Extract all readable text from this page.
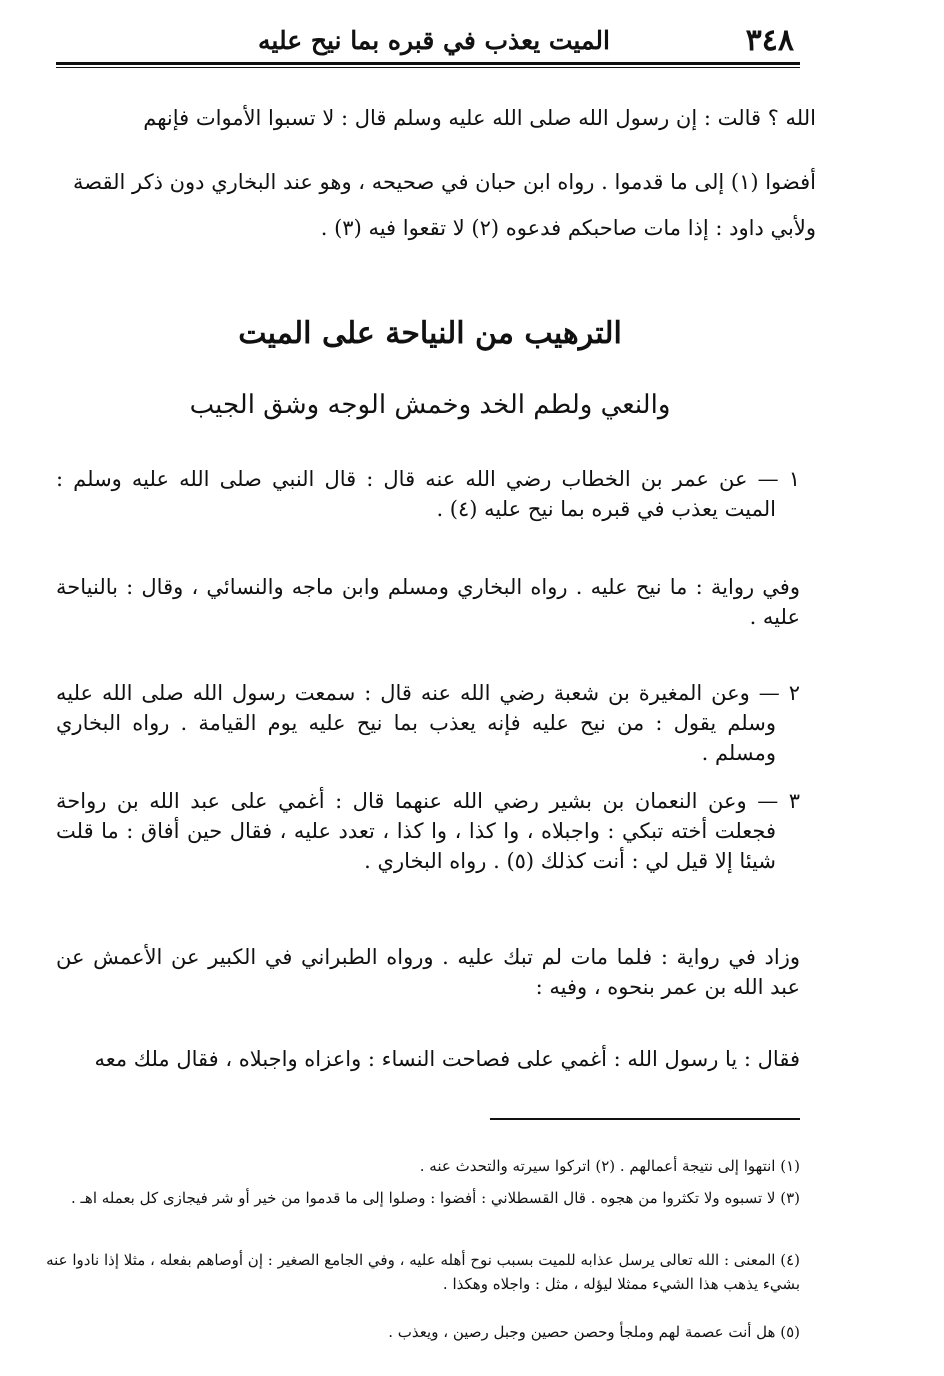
٣٤٨
الميت يعذب في قبره بما نيح عليه
الله ؟ قالت : إن رسول الله صلى الله عليه وسلم قال : لا تسبوا الأموات فإنهم
أفضوا (١) إلى ما قدموا . رواه ابن حبان في صحيحه ، وهو عند البخاري دون ذكر القصة
ولأبي داود : إذا مات صاحبكم فدعوه (٢) لا تقعوا فيه (٣) .
الترهيب من النياحة على الميت
والنعي ولطم الخد وخمش الوجه وشق الجيب
١ — عن عمر بن الخطاب رضي الله عنه قال : قال النبي صلى الله عليه وسلم : الميت يعذب في قبره بما نيح عليه (٤) .
وفي رواية : ما نيح عليه . رواه البخاري ومسلم وابن ماجه والنسائي ، وقال : بالنياحة عليه .
٢ — وعن المغيرة بن شعبة رضي الله عنه قال : سمعت رسول الله صلى الله عليه وسلم يقول : من نيح عليه فإنه يعذب بما نيح عليه يوم القيامة . رواه البخاري ومسلم .
٣ — وعن النعمان بن بشير رضي الله عنهما قال : أغمي على عبد الله بن رواحة فجعلت أخته تبكي : واجبلاه ، وا كذا ، وا كذا ، تعدد عليه ، فقال حين أفاق : ما قلت شيئا إلا قيل لي : أنت كذلك (٥) . رواه البخاري .
وزاد في رواية : فلما مات لم تبك عليه . ورواه الطبراني في الكبير عن الأعمش عن عبد الله بن عمر بنحوه ، وفيه :
فقال : يا رسول الله : أغمي على فصاحت النساء : واعزاه واجبلاه ، فقال ملك معه
(١) انتهوا إلى نتيجة أعمالهم . (٢) اتركوا سيرته والتحدث عنه .
(٣) لا تسبوه ولا تكثروا من هجوه . قال القسطلاني : أفضوا : وصلوا إلى ما قدموا من خير أو شر فيجازى كل بعمله اهـ .
(٤) المعنى : الله تعالى يرسل عذابه للميت بسبب نوح أهله عليه ، وفي الجامع الصغير : إن أوصاهم بفعله ، مثلا إذا نادوا عنه بشيء يذهب هذا الشيء ممثلا ليؤله ، مثل : واجلاه وهكذا .
(٥) هل أنت عصمة لهم وملجأ وحصن حصين وجبل رصين ، ويعذب .
